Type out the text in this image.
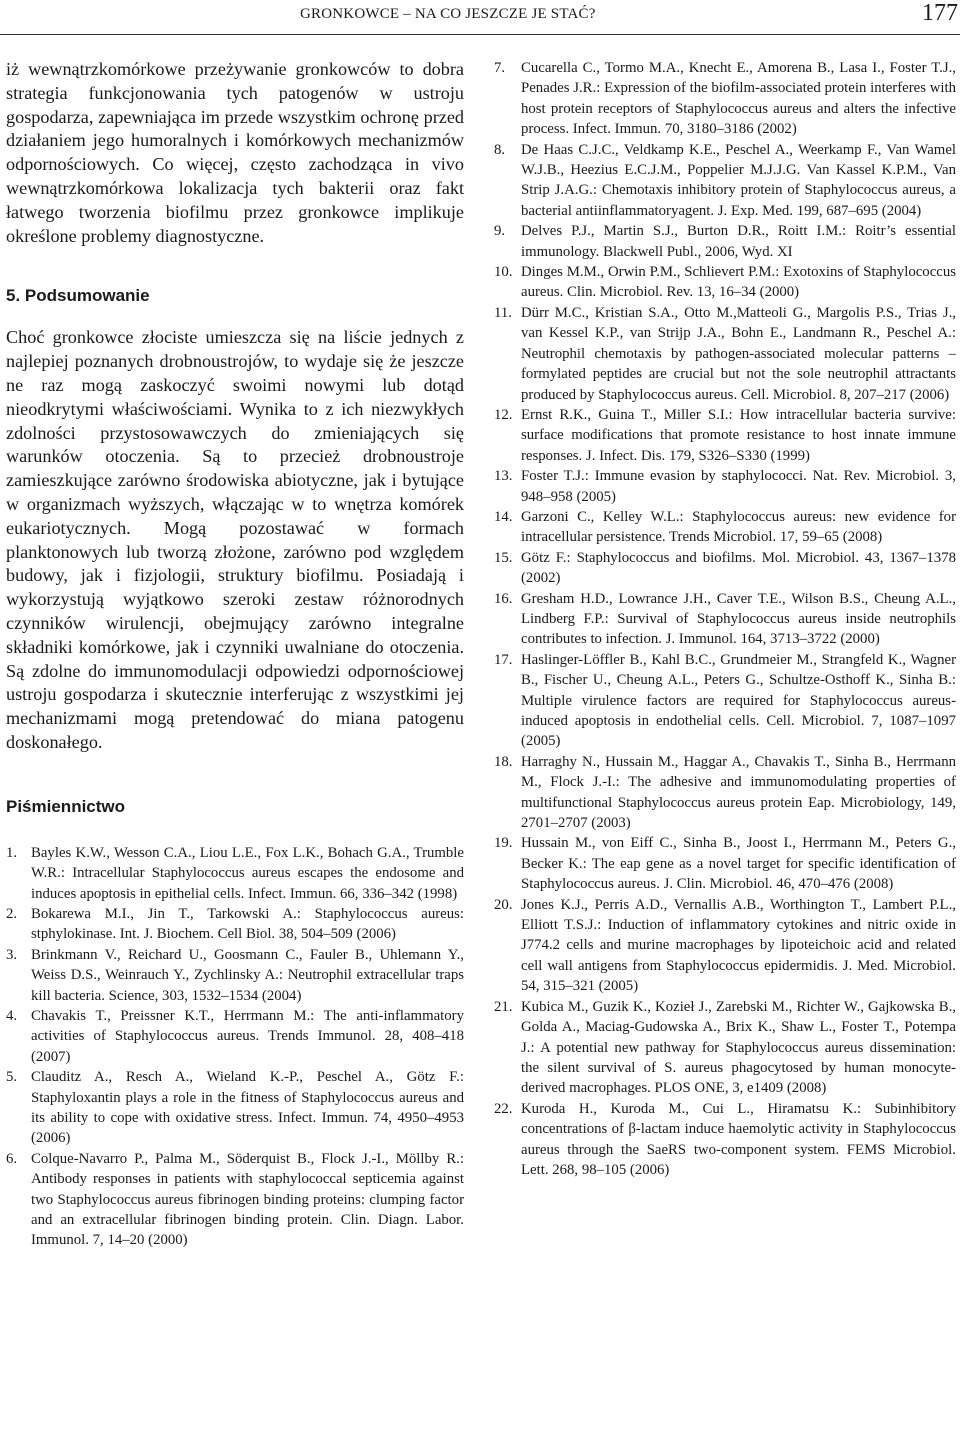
GRONKOWCE – NA CO JESZCZE JE STAĆ?	177

iż wewnątrzkomórkowe przeżywanie gronkowców to dobra strategia funkcjonowania tych patogenów w ustroju gospodarza, zapewniająca im przede wszystkim ochronę przed działaniem jego humoralnych i komórkowych mechanizmów odpornościowych. Co więcej, często zachodząca in vivo wewnątrzkomórkowa lokalizacja tych bakterii oraz fakt łatwego tworzenia biofilmu przez gronkowce implikuje określone problemy diagnostyczne.

5. Podsumowanie

Choć gronkowce złociste umieszcza się na liście jednych z najlepiej poznanych drobnoustrojów, to wydaje się że jeszcze ne raz mogą zaskoczyć swoimi nowymi lub dotąd nieodkrytymi właściwościami. Wynika to z ich niezwykłych zdolności przystosowawczych do zmieniających się warunków otoczenia. Są to przecież drobnoustroje zamieszkujące zarówno środowiska abiotyczne, jak i bytujące w organizmach wyższych, włączając w to wnętrza komórek eukariotycznych. Mogą pozostawać w formach planktonowych lub tworzą złożone, zarówno pod względem budowy, jak i fizjologii, struktury biofilmu. Posiadają i wykorzystują wyjątkowo szeroki zestaw różnorodnych czynników wirulencji, obejmujący zarówno integralne składniki komórkowe, jak i czynniki uwalniane do otoczenia. Są zdolne do immunomodulacji odpowiedzi odpornościowej ustroju gospodarza i skutecznie interferując z wszystkimi jej mechanizmami mogą pretendować do miana patogenu doskonałego.

Piśmiennictwo
1. Bayles K.W., Wesson C.A., Liou L.E., Fox L.K., Bohach G.A., Trumble W.R.: Intracellular Staphylococcus aureus escapes the endosome and induces apoptosis in epithelial cells. Infect. Immun. 66, 336–342 (1998)
2. Bokarewa M.I., Jin T., Tarkowski A.: Staphylococcus aureus: stphylokinase. Int. J. Biochem. Cell Biol. 38, 504–509 (2006)
3. Brinkmann V., Reichard U., Goosmann C., Fauler B., Uhlemann Y., Weiss D.S., Weinrauch Y., Zychlinsky A.: Neutrophil extracellular traps kill bacteria. Science, 303, 1532–1534 (2004)
4. Chavakis T., Preissner K.T., Herrmann M.: The anti-inflammatory activities of Staphylococcus aureus. Trends Immunol. 28, 408–418 (2007)
5. Clauditz A., Resch A., Wieland K.-P., Peschel A., Götz F.: Staphyloxantin plays a role in the fitness of Staphylococcus aureus and its ability to cope with oxidative stress. Infect. Immun. 74, 4950–4953 (2006)
6. Colque-Navarro P., Palma M., Söderquist B., Flock J.-I., Möllby R.: Antibody responses in patients with staphylococcal septicemia against two Staphylococcus aureus fibrinogen binding proteins: clumping factor and an extracellular fibrinogen binding protein. Clin. Diagn. Labor. Immunol. 7, 14–20 (2000)
7.	Cucarella C., Tormo M.A., Knecht E., Amorena B., Lasa I., Foster T.J., Penades J.R.: Expression of the biofilm-associated protein interferes with host protein receptors of Staphylococcus aureus and alters the infective process. Infect. Immun. 70, 3180–3186 (2002)
8.	De Haas C.J.C., Veldkamp K.E., Peschel A., Weerkamp F., Van Wamel W.J.B., Heezius E.C.J.M., Poppelier M.J.J.G. Van Kassel K.P.M., Van Strip J.A.G.: Chemotaxis inhibitory protein of Staphylococcus aureus, a bacterial antiinflammatoryagent. J. Exp. Med. 199, 687–695 (2004)
9.	Delves P.J., Martin S.J., Burton D.R., Roitt I.M.: Roitr’s essential immunology. Blackwell Publ., 2006, Wyd. XI
10. Dinges M.M., Orwin P.M., Schlievert P.M.: Exotoxins of Staphylococcus aureus. Clin. Microbiol. Rev. 13, 16–34 (2000)
11. Dürr M.C., Kristian S.A., Otto M.,Matteoli G., Margolis P.S., Trias J., van Kessel K.P., van Strijp J.A., Bohn E., Landmann R., Peschel A.: Neutrophil chemotaxis by pathogen-associated molecular patterns – formylated peptides are crucial but not the sole neutrophil attractants produced by Staphylococcus aureus. Cell. Microbiol. 8, 207–217 (2006)
12. Ernst R.K., Guina T., Miller S.I.: How intracellular bacteria survive: surface modifications that promote resistance to host innate immune responses. J. Infect. Dis. 179, S326–S330 (1999)
13. Foster T.J.: Immune evasion by staphylococci. Nat. Rev. Microbiol. 3, 948–958 (2005)
14. Garzoni C., Kelley W.L.: Staphylococcus aureus: new evidence for intracellular persistence. Trends Microbiol. 17, 59–65 (2008)
15. Götz F.: Staphylococcus and biofilms. Mol. Microbiol. 43, 1367–1378 (2002)
16. Gresham H.D., Lowrance J.H., Caver T.E., Wilson B.S., Cheung A.L., Lindberg F.P.: Survival of Staphylococcus aureus inside neutrophils contributes to infection. J. Immunol. 164, 3713–3722 (2000)
17. Haslinger-Löffler B., Kahl B.C., Grundmeier M., Strangfeld K., Wagner B., Fischer U., Cheung A.L., Peters G., Schultze-Osthoff K., Sinha B.: Multiple virulence factors are required for Staphylococcus aureus-induced apoptosis in endothelial cells. Cell. Microbiol. 7, 1087–1097 (2005)
18. Harraghy N., Hussain M., Haggar A., Chavakis T., Sinha B., Herrmann M., Flock J.-I.: The adhesive and immunomodulating properties of multifunctional Staphylococcus aureus protein Eap. Microbiology, 149, 2701–2707 (2003)
19. Hussain M., von Eiff C., Sinha B., Joost I., Herrmann M., Peters G., Becker K.: The eap gene as a novel target for specific identification of Staphylococcus aureus. J. Clin. Microbiol. 46, 470–476 (2008)
20. Jones K.J., Perris A.D., Vernallis A.B., Worthington T., Lambert P.L., Elliott T.S.J.: Induction of inflammatory cytokines and nitric oxide in J774.2 cells and murine macrophages by lipoteichoic acid and related cell wall antigens from Staphylococcus epidermidis. J. Med. Microbiol. 54, 315–321 (2005)
21. Kubica M., Guzik K., Kozieł J., Zarebski M., Richter W., Gajkowska B., Golda A., Maciag-Gudowska A., Brix K., Shaw L., Foster T., Potempa J.: A potential new pathway for Staphylococcus aureus dissemination: the silent survival of S. aureus phagocytosed by human monocyte-derived macrophages. PLOS ONE, 3, e1409 (2008)
22. Kuroda H., Kuroda M., Cui L., Hiramatsu K.: Subinhibitory concentrations of β-lactam induce haemolytic activity in Staphylococcus aureus through the SaeRS two-component system. FEMS Microbiol. Lett. 268, 98–105 (2006)
